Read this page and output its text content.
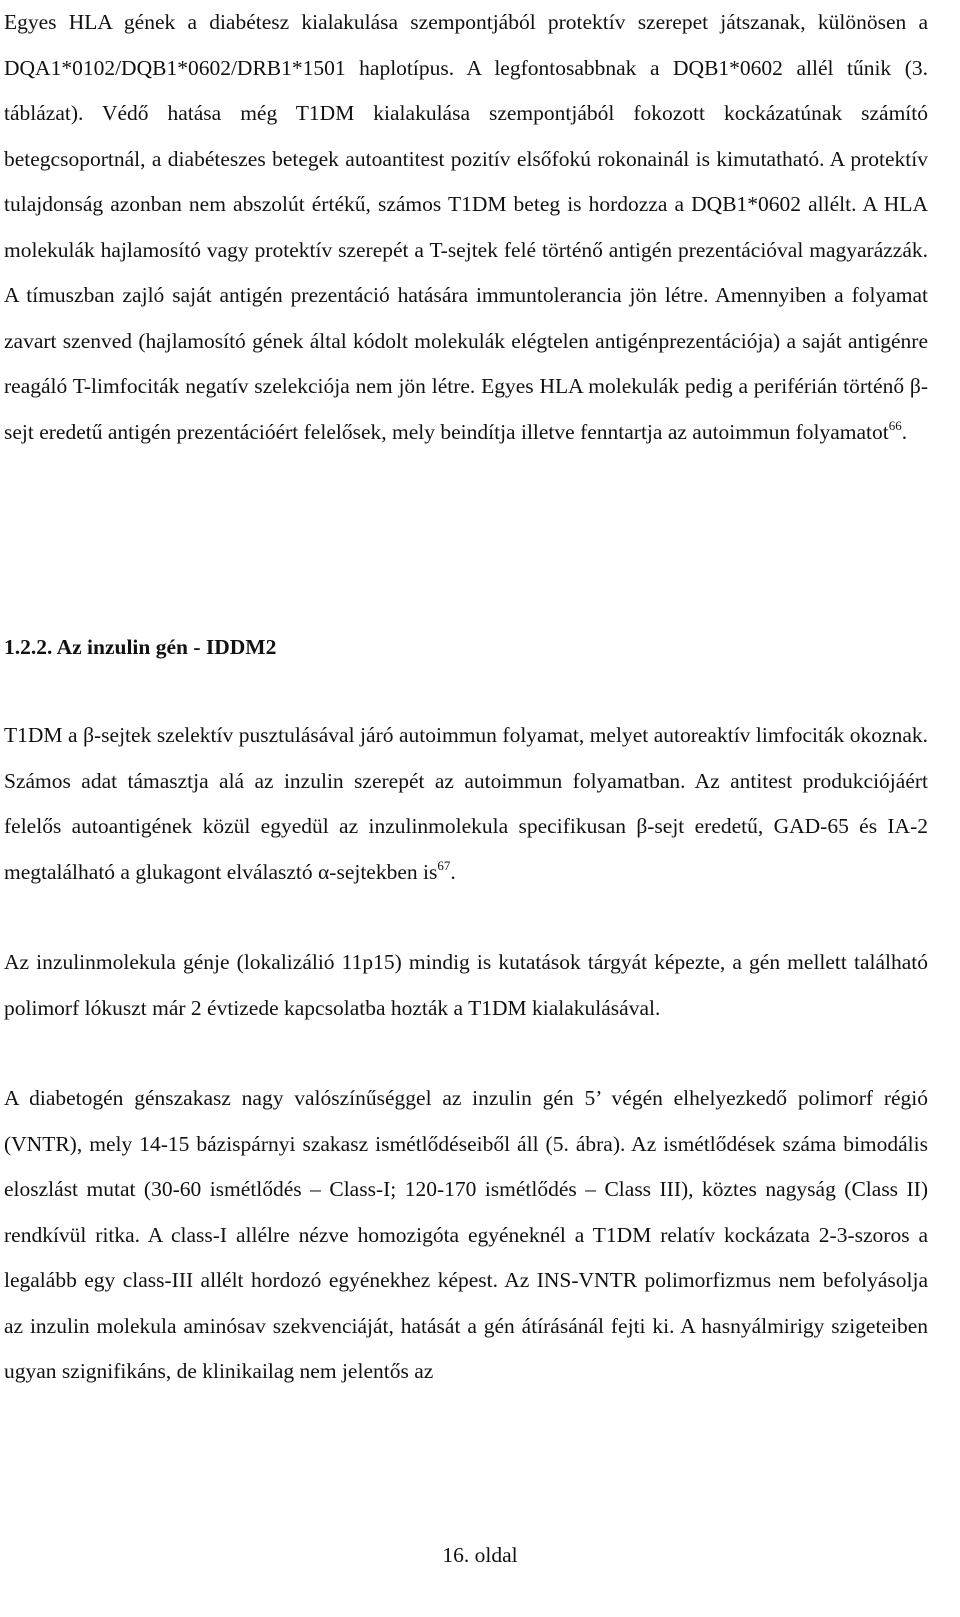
Egyes HLA gének a diabétesz kialakulása szempontjából protektív szerepet játszanak, különösen a DQA1*0102/DQB1*0602/DRB1*1501 haplotípus. A legfontosabbnak a DQB1*0602 allél tűnik (3. táblázat). Védő hatása még T1DM kialakulása szempontjából fokozott kockázatúnak számító betegcsoportnál, a diabéteszes betegek autoantitest pozitív elsőfokú rokonainál is kimutatható. A protektív tulajdonság azonban nem abszolút értékű, számos T1DM beteg is hordozza a DQB1*0602 allélt. A HLA molekulák hajlamosító vagy protektív szerepét a T-sejtek felé történő antigén prezentációval magyarázzák. A tímuszban zajló saját antigén prezentáció hatására immuntolerancia jön létre. Amennyiben a folyamat zavart szenved (hajlamosító gének által kódolt molekulák elégtelen antigénprezentációja) a saját antigénre reagáló T-limfociták negatív szelekciója nem jön létre. Egyes HLA molekulák pedig a periférián történő β-sejt eredetű antigén prezentációért felelősek, mely beindítja illetve fenntartja az autoimmun folyamatot$^{66}$.

1.2.2. Az inzulin gén - IDDM2

T1DM a β-sejtek szelektív pusztulásával járó autoimmun folyamat, melyet autoreaktív limfociták okoznak. Számos adat támasztja alá az inzulin szerepét az autoimmun folyamatban. Az antitest produkciójáért felelős autoantigének közül egyedül az inzulinmolekula specifikusan β-sejt eredetű, GAD-65 és IA-2 megtalálható a glukagont elválasztó α-sejtekben $is^{67}$.

Az inzulinmolekula génje (lokalizálió 11p15) mindig is kutatások tárgyát képezte, a gén mellett található polimorf lókuszt már 2 évtizede kapcsolatba hozták a T1DM kialakulásával.

A diabetogén génszakasz nagy valószínűséggel az inzulin gén 5’ végén elhelyezkedő polimorf régió (VNTR), mely 14-15 bázispárnyi szakasz ismétlődéseiből áll (5. ábra). Az ismétlődések száma bimodális eloszlást mutat (30-60 ismétlődés – Class-I; 120-170 ismétlődés – Class III), köztes nagyság (Class II) rendkívül ritka. A class-I allélre nézve homozigóta egyéneknél a T1DM relatív kockázata 2-3-szoros a legalább egy class-III allélt hordozó egyénekhez képest. Az INS-VNTR polimorfizmus nem befolyásolja az inzulin molekula aminósav szekvenciáját, hatását a gén átírásánál fejti ki. A hasnyálmirigy szigeteiben ugyan szignifikáns, de klinikailag nem jelentős az

16. oldal
